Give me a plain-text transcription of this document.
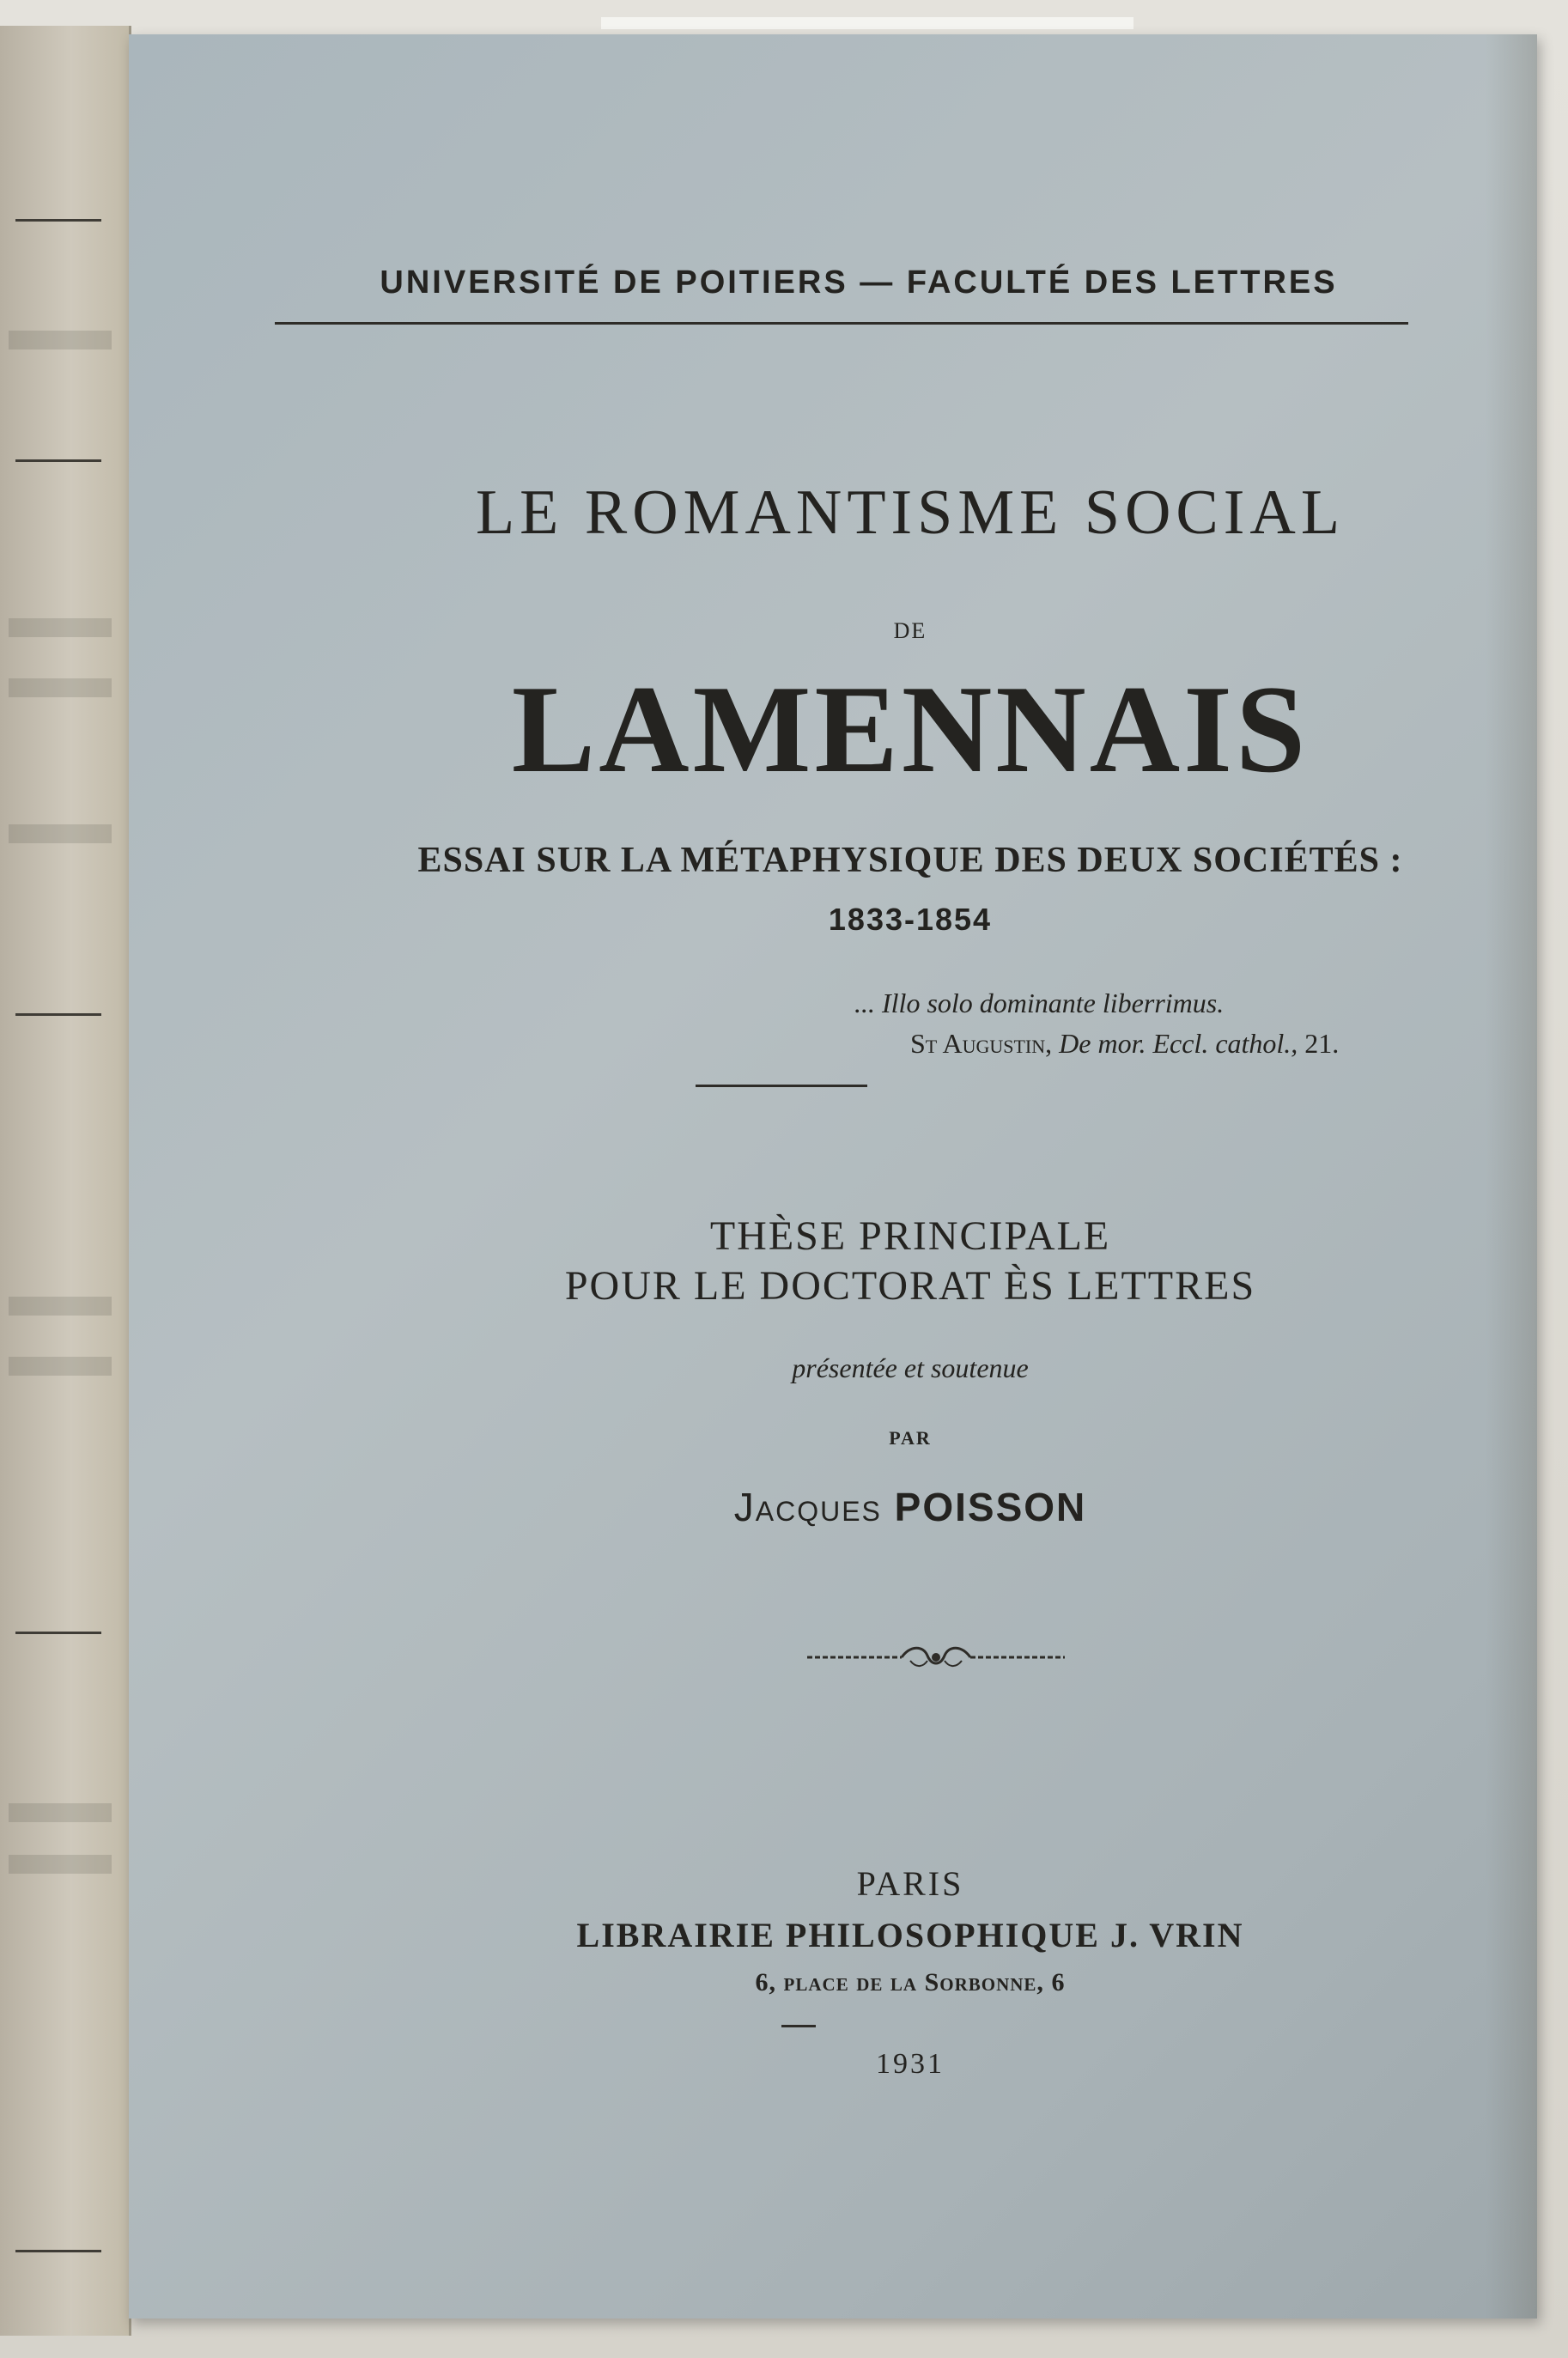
UNIVERSITÉ DE POITIERS — FACULTÉ DES LETTRES
LE ROMANTISME SOCIAL
DE
LAMENNAIS
ESSAI SUR LA MÉTAPHYSIQUE DES DEUX SOCIÉTÉS :
1833-1854
... Illo solo dominante liberrimus.
St Augustin, De mor. Eccl. cathol., 21.
THÈSE PRINCIPALE
POUR LE DOCTORAT ÈS LETTRES
présentée et soutenue
PAR
Jacques POISSON
PARIS
LIBRAIRIE PHILOSOPHIQUE J. VRIN
6, place de la Sorbonne, 6
1931
